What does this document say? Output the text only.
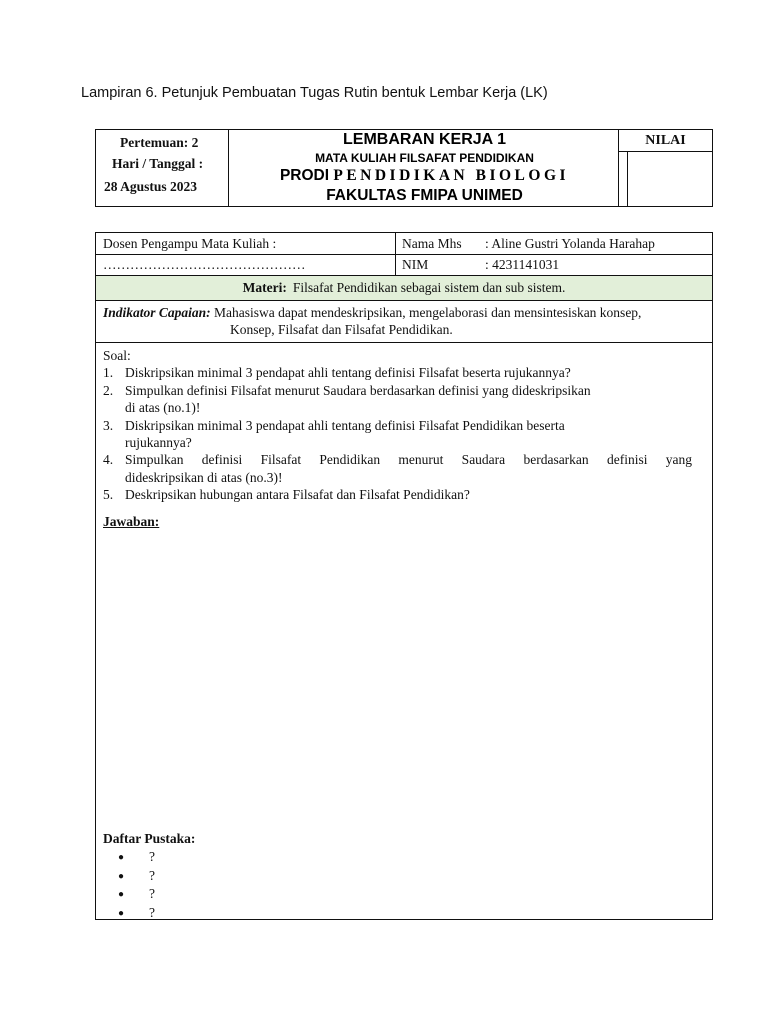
Lampiran 6. Petunjuk Pembuatan Tugas Rutin bentuk Lembar Kerja (LK)
Pertemuan: 2
Hari / Tanggal :
28 Agustus 2023
LEMBARAN KERJA 1
MATA KULIAH FILSAFAT PENDIDIKAN
PRODI PENDIDIKAN BIOLOGI
FAKULTAS FMIPA UNIMED
NILAI
Dosen Pengampu Mata Kuliah :	Nama Mhs : Aline Gustri Yolanda Harahap
………………………………………	NIM	: 4231141031
Materi: Filsafat Pendidikan sebagai sistem dan sub sistem.
Indikator Capaian: Mahasiswa dapat mendeskripsikan, mengelaborasi dan mensintesiskan konsep,
Konsep, Filsafat dan Filsafat Pendidikan.
Soal:
1. Diskripsikan minimal 3 pendapat ahli tentang definisi Filsafat beserta rujukannya?
2. Simpulkan definisi Filsafat menurut Saudara berdasarkan definisi yang dideskripsikan
di atas (no.1)!
3. Diskripsikan minimal 3 pendapat ahli tentang definisi Filsafat Pendidikan beserta
rujukannya?
4. Simpulkan definisi Filsafat Pendidikan menurut Saudara berdasarkan definisi yang
dideskripsikan di atas (no.3)!
5. Deskripsikan hubungan antara Filsafat dan Filsafat Pendidikan?
Jawaban:
Daftar Pustaka:
● ?
● ?
● ?
● ?
